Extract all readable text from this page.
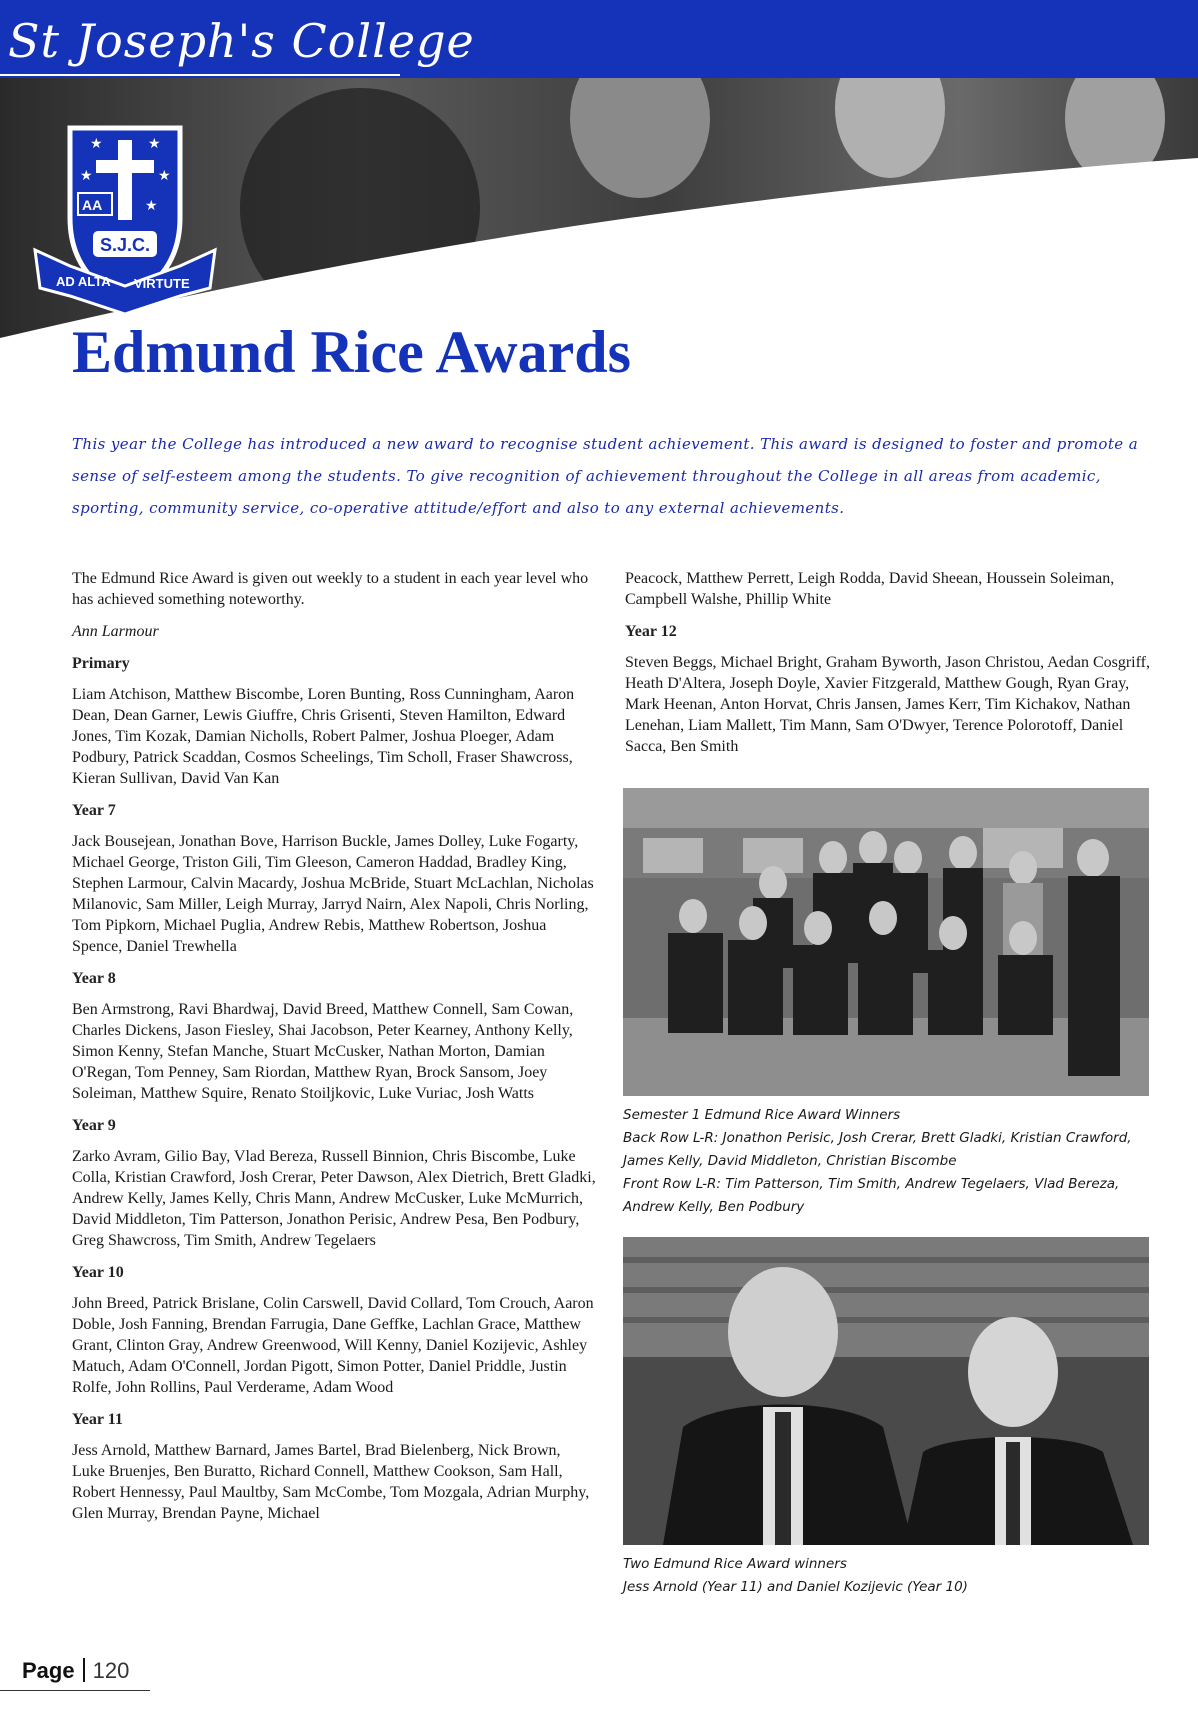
St Joseph's College
★	★
★	★
★
AA
S.J.C.
AD ALTA VIRTUTE
Edmund Rice Awards

This year the College has introduced a new award to recognise student achievement. This award is designed to foster and promote a sense of self-esteem among the students. To give recognition of achievement throughout the College in all areas from academic, sporting, community service, co-operative attitude/effort and also to any external achievements.

The Edmund Rice Award is given out weekly to a student in each year level who has achieved something noteworthy.

Ann Larmour

Primary

Liam Atchison, Matthew Biscombe, Loren Bunting, Ross Cunningham, Aaron Dean, Dean Garner, Lewis Giuffre, Chris Grisenti, Steven Hamilton, Edward Jones, Tim Kozak, Damian Nicholls, Robert Palmer, Joshua Ploeger, Adam Podbury, Patrick Scaddan, Cosmos Scheelings, Tim Scholl, Fraser Shawcross, Kieran Sullivan, David Van Kan

Year 7

Jack Bousejean, Jonathan Bove, Harrison Buckle, James Dolley, Luke Fogarty, Michael George, Triston Gili, Tim Gleeson, Cameron Haddad, Bradley King, Stephen Larmour, Calvin Macardy, Joshua McBride, Stuart McLachlan, Nicholas Milanovic, Sam Miller, Leigh Murray, Jarryd Nairn, Alex Napoli, Chris Norling, Tom Pipkorn, Michael Puglia, Andrew Rebis, Matthew Robertson, Joshua Spence, Daniel Trewhella

Year 8

Ben Armstrong, Ravi Bhardwaj, David Breed, Matthew Connell, Sam Cowan, Charles Dickens, Jason Fiesley, Shai Jacobson, Peter Kearney, Anthony Kelly, Simon Kenny, Stefan Manche, Stuart McCusker, Nathan Morton, Damian O'Regan, Tom Penney, Sam Riordan, Matthew Ryan, Brock Sansom, Joey Soleiman, Matthew Squire, Renato Stoiljkovic, Luke Vuriac, Josh Watts

Year 9

Zarko Avram, Gilio Bay, Vlad Bereza, Russell Binnion, Chris Biscombe, Luke Colla, Kristian Crawford, Josh Crerar, Peter Dawson, Alex Dietrich, Brett Gladki, Andrew Kelly, James Kelly, Chris Mann, Andrew McCusker, Luke McMurrich, David Middleton, Tim Patterson, Jonathon Perisic, Andrew Pesa, Ben Podbury, Greg Shawcross, Tim Smith, Andrew Tegelaers

Year 10

John Breed, Patrick Brislane, Colin Carswell, David Collard, Tom Crouch, Aaron Doble, Josh Fanning, Brendan Farrugia, Dane Geffke, Lachlan Grace, Matthew Grant, Clinton Gray, Andrew Greenwood, Will Kenny, Daniel Kozijevic, Ashley Matuch, Adam O'Connell, Jordan Pigott, Simon Potter, Daniel Priddle, Justin Rolfe, John Rollins, Paul Verderame, Adam Wood

Year 11

Jess Arnold, Matthew Barnard, James Bartel, Brad Bielenberg, Nick Brown, Luke Bruenjes, Ben Buratto, Richard Connell, Matthew Cookson, Sam Hall, Robert Hennessy, Paul Maultby, Sam McCombe, Tom Mozgala, Adrian Murphy, Glen Murray, Brendan Payne, Michael

Peacock, Matthew Perrett, Leigh Rodda, David Sheean, Houssein Soleiman, Campbell Walshe, Phillip White

Year 12

Steven Beggs, Michael Bright, Graham Byworth, Jason Christou, Aedan Cosgriff, Heath D'Altera, Joseph Doyle, Xavier Fitzgerald, Matthew Gough, Ryan Gray, Mark Heenan, Anton Horvat, Chris Jansen, James Kerr, Tim Kichakov, Nathan Lenehan, Liam Mallett, Tim Mann, Sam O'Dwyer, Terence Polorotoff, Daniel Sacca, Ben Smith

Semester 1 Edmund Rice Award Winners
Back Row L-R: Jonathon Perisic, Josh Crerar, Brett Gladki, Kristian Crawford,
James Kelly, David Middleton, Christian Biscombe
Front Row L-R: Tim Patterson, Tim Smith, Andrew Tegelaers, Vlad Bereza,
Andrew Kelly, Ben Podbury
Two Edmund Rice Award winners
Jess Arnold (Year 11) and Daniel Kozijevic (Year 10)
Page 120
